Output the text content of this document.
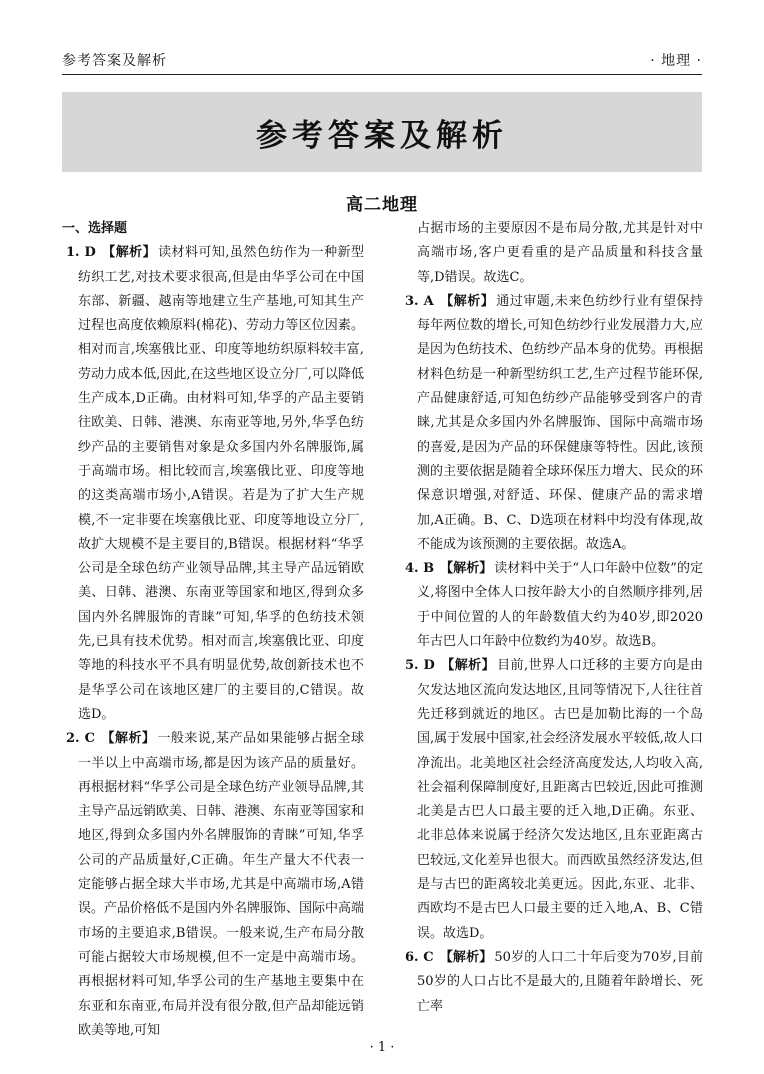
参考答案及解析	· 地理 ·
参考答案及解析
高二地理
一、选择题

1. D 【解析】 读材料可知,虽然色纺作为一种新型纺织工艺,对技术要求很高,但是由华孚公司在中国东部、新疆、越南等地建立生产基地,可知其生产过程也高度依赖原料(棉花)、劳动力等区位因素。相对而言,埃塞俄比亚、印度等地纺织原料较丰富,劳动力成本低,因此,在这些地区设立分厂,可以降低生产成本,D正确。由材料可知,华孚的产品主要销往欧美、日韩、港澳、东南亚等地,另外,华孚色纺纱产品的主要销售对象是众多国内外名牌服饰,属于高端市场。相比较而言,埃塞俄比亚、印度等地的这类高端市场小,A错误。若是为了扩大生产规模,不一定非要在埃塞俄比亚、印度等地设立分厂,故扩大规模不是主要目的,B错误。根据材料“华孚公司是全球色纺产业领导品牌,其主导产品远销欧美、日韩、港澳、东南亚等国家和地区,得到众多国内外名牌服饰的青睐”可知,华孚的色纺技术领先,已具有技术优势。相对而言,埃塞俄比亚、印度等地的科技水平不具有明显优势,故创新技术也不是华孚公司在该地区建厂的主要目的,C错误。故选D。

2. C 【解析】 一般来说,某产品如果能够占据全球一半以上中高端市场,都是因为该产品的质量好。再根据材料“华孚公司是全球色纺产业领导品牌,其主导产品远销欧美、日韩、港澳、东南亚等国家和地区,得到众多国内外名牌服饰的青睐”可知,华孚公司的产品质量好,C正确。年生产量大不代表一定能够占据全球大半市场,尤其是中高端市场,A错误。产品价格低不是国内外名牌服饰、国际中高端市场的主要追求,B错误。一般来说,生产布局分散可能占据较大市场规模,但不一定是中高端市场。再根据材料可知,华孚公司的生产基地主要集中在东亚和东南亚,布局并没有很分散,但产品却能远销欧美等地,可知

占据市场的主要原因不是布局分散,尤其是针对中高端市场,客户更看重的是产品质量和科技含量等,D错误。故选C。

3. A 【解析】 通过审题,未来色纺纱行业有望保持每年两位数的增长,可知色纺纱行业发展潜力大,应是因为色纺技术、色纺纱产品本身的优势。再根据材料色纺是一种新型纺织工艺,生产过程节能环保,产品健康舒适,可知色纺纱产品能够受到客户的青睐,尤其是众多国内外名牌服饰、国际中高端市场的喜爱,是因为产品的环保健康等特性。因此,该预测的主要依据是随着全球环保压力增大、民众的环保意识增强,对舒适、环保、健康产品的需求增加,A正确。B、C、D选项在材料中均没有体现,故不能成为该预测的主要依据。故选A。

4. B 【解析】 读材料中关于“人口年龄中位数”的定义,将图中全体人口按年龄大小的自然顺序排列,居于中间位置的人的年龄数值大约为40岁,即2020年古巴人口年龄中位数约为40岁。故选B。

5. D 【解析】 目前,世界人口迁移的主要方向是由欠发达地区流向发达地区,且同等情况下,人往往首先迁移到就近的地区。古巴是加勒比海的一个岛国,属于发展中国家,社会经济发展水平较低,故人口净流出。北美地区社会经济高度发达,人均收入高,社会福利保障制度好,且距离古巴较近,因此可推测北美是古巴人口最主要的迁入地,D正确。东亚、北非总体来说属于经济欠发达地区,且东亚距离古巴较远,文化差异也很大。而西欧虽然经济发达,但是与古巴的距离较北美更远。因此,东亚、北非、西欧均不是古巴人口最主要的迁入地,A、B、C错误。故选D。

6. C 【解析】 50岁的人口二十年后变为70岁,目前50岁的人口占比不是最大的,且随着年龄增长、死亡率

· 1 ·
